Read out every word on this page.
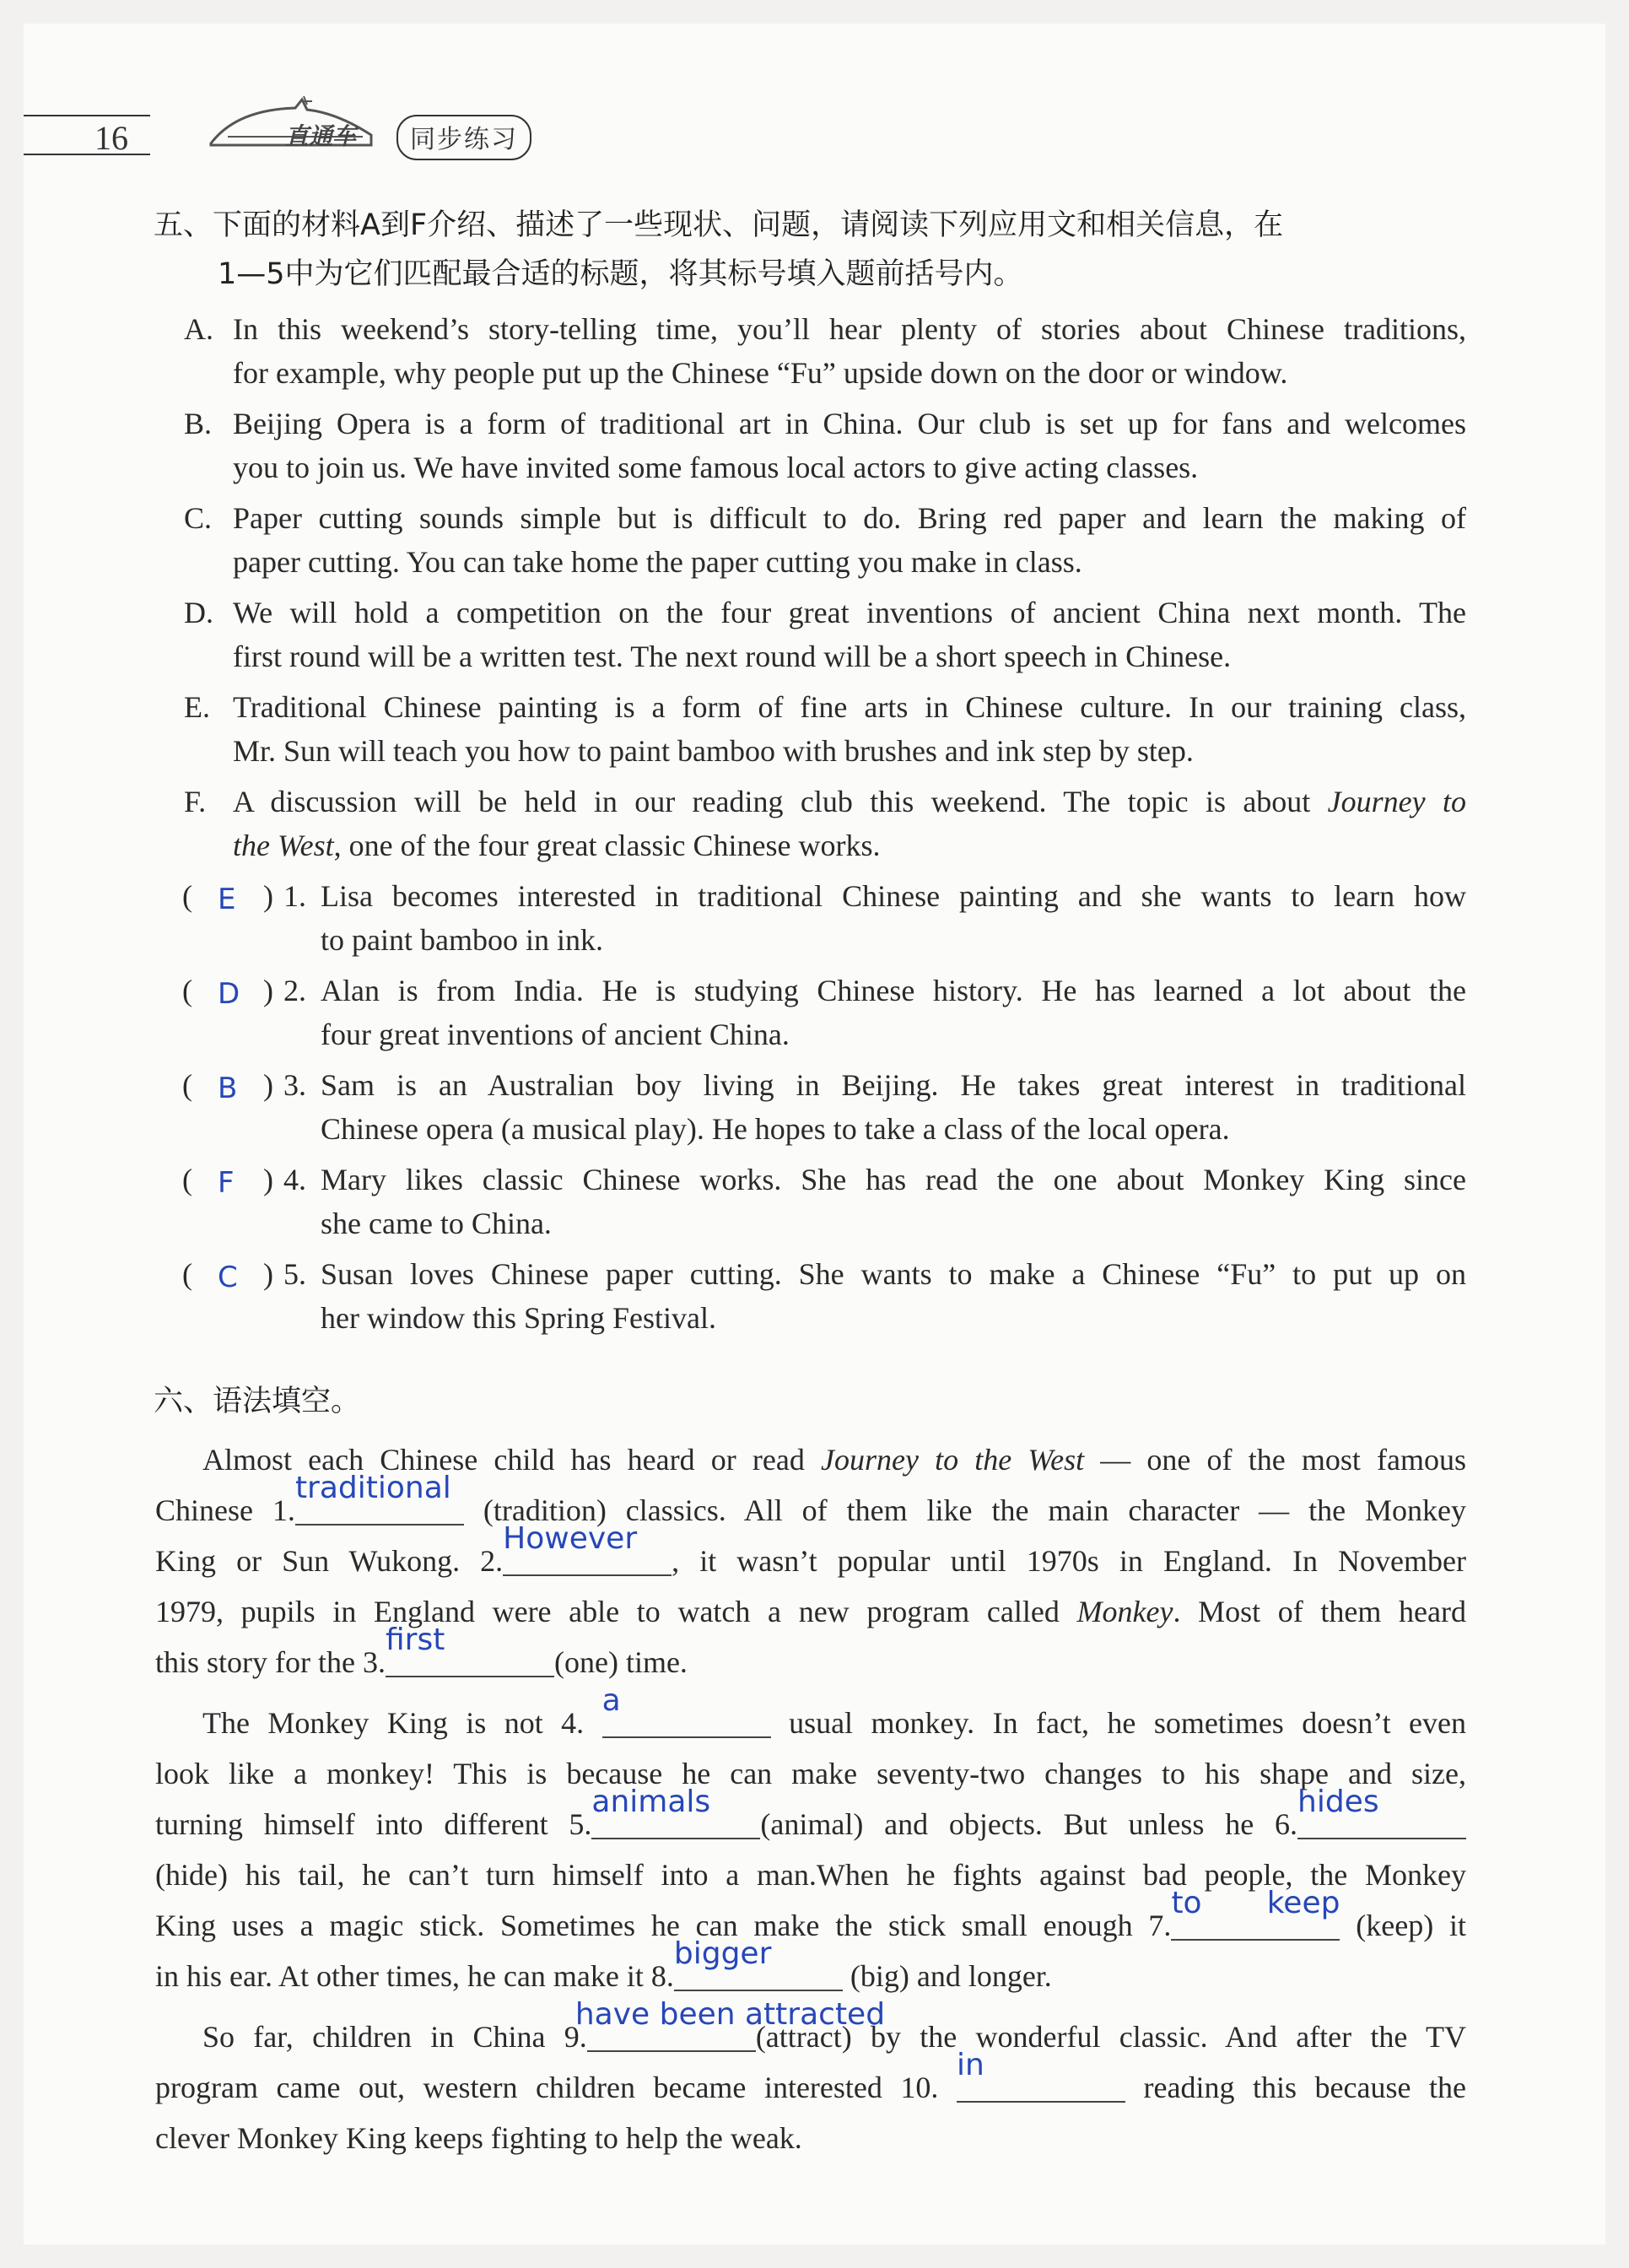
16	直通车	同步练习
五、下面的材料A到F介绍、描述了一些现状、问题，请阅读下列应用文和相关信息，在
1—5中为它们匹配最合适的标题，将其标号填入题前括号内。
A. In this weekend’s story-telling time, you’ll hear plenty of stories about Chinese traditions,
for example, why people put up the Chinese “Fu” upside down on the door or window.
B. Beijing Opera is a form of traditional art in China. Our club is set up for fans and welcomes
you to join us. We have invited some famous local actors to give acting classes.
C. Paper cutting sounds simple but is difficult to do. Bring red paper and learn the making of
paper cutting. You can take home the paper cutting you make in class.
D. We will hold a competition on the four great inventions of ancient China next month. The
first round will be a written test. The next round will be a short speech in Chinese.
E. Traditional Chinese painting is a form of fine arts in Chinese culture. In our training class,
Mr. Sun will teach you how to paint bamboo with brushes and ink step by step.
F. A discussion will be held in our reading club this weekend. The topic is about Journey to
the West, one of the four great classic Chinese works.
( E ) 1. Lisa becomes interested in traditional Chinese painting and she wants to learn how
to paint bamboo in ink.
( D ) 2. Alan is from India. He is studying Chinese history. He has learned a lot about the
four great inventions of ancient China.
( B ) 3. Sam is an Australian boy living in Beijing. He takes great interest in traditional
Chinese opera (a musical play). He hopes to take a class of the local opera.
( F ) 4. Mary likes classic Chinese works. She has read the one about Monkey King since
she came to China.
( C ) 5. Susan loves Chinese paper cutting. She wants to make a Chinese “Fu” to put up on
her window this Spring Festival.
六、语法填空。
Almost each Chinese child has heard or read Journey to the West — one of the most famous
Chinese 1.
traditional
(tradition) classics. All of them like the main character — the Monkey
King or Sun Wukong. 2.
However
, it wasn’t popular until 1970s in England. In November
1979, pupils in England were able to watch a new program called Monkey. Most of them heard
this story for the 3.
first
(one) time.
The Monkey King is not 4.
a
usual monkey. In fact, he sometimes doesn’t even
look like a monkey! This is because he can make seventy-two changes to his shape and size,
turning himself into different 5.
animals
(animal) and objects. But unless he 6.
hides
(hide) his tail, he can’t turn himself into a man.When he fights against bad people, the Monkey
King uses a magic stick. Sometimes he can make the stick small enough 7.
to keep
(keep) it
in his ear. At other times, he can make it 8.
bigger
(big) and longer.
So far, children in China 9.
have been attracted
(attract) by the wonderful classic. And after the TV
program came out, western children became interested 10.
in
reading this because the
clever Monkey King keeps fighting to help the weak.
